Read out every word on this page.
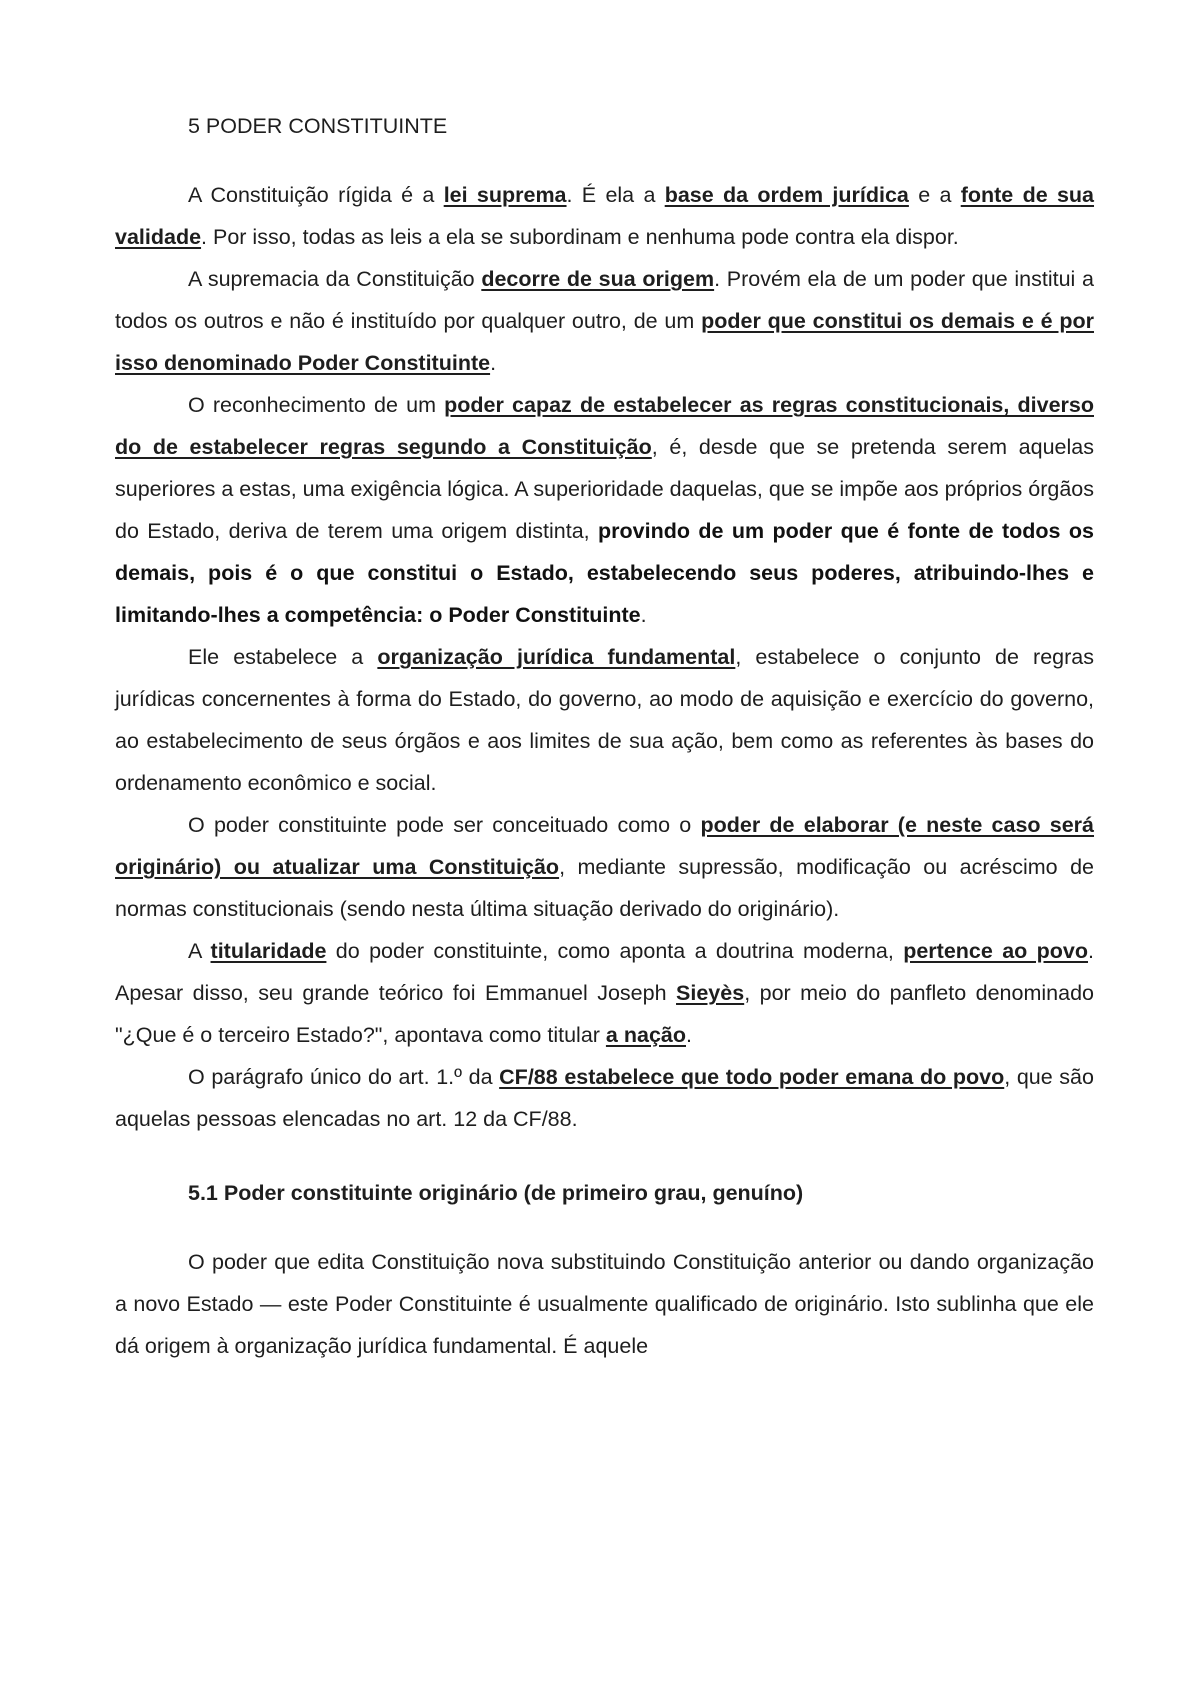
5 PODER CONSTITUINTE

A Constituição rígida é a lei suprema. É ela a base da ordem jurídica e a fonte de sua validade. Por isso, todas as leis a ela se subordinam e nenhuma pode contra ela dispor.

A supremacia da Constituição decorre de sua origem. Provém ela de um poder que institui a todos os outros e não é instituído por qualquer outro, de um poder que constitui os demais e é por isso denominado Poder Constituinte.

O reconhecimento de um poder capaz de estabelecer as regras constitucionais, diverso do de estabelecer regras segundo a Constituição, é, desde que se pretenda serem aquelas superiores a estas, uma exigência lógica. A superioridade daquelas, que se impõe aos próprios órgãos do Estado, deriva de terem uma origem distinta, provindo de um poder que é fonte de todos os demais, pois é o que constitui o Estado, estabelecendo seus poderes, atribuindo-lhes e limitando-lhes a competência: o Poder Constituinte.

Ele estabelece a organização jurídica fundamental, estabelece o conjunto de regras jurídicas concernentes à forma do Estado, do governo, ao modo de aquisição e exercício do governo, ao estabelecimento de seus órgãos e aos limites de sua ação, bem como as referentes às bases do ordenamento econômico e social.

O poder constituinte pode ser conceituado como o poder de elaborar (e neste caso será originário) ou atualizar uma Constituição, mediante supressão, modificação ou acréscimo de normas constitucionais (sendo nesta última situação derivado do originário).

A titularidade do poder constituinte, como aponta a doutrina moderna, pertence ao povo. Apesar disso, seu grande teórico foi Emmanuel Joseph Sieyès, por meio do panfleto denominado "¿Que é o terceiro Estado?", apontava como titular a nação.

O parágrafo único do art. 1.º da CF/88 estabelece que todo poder emana do povo, que são aquelas pessoas elencadas no art. 12 da CF/88.

5.1 Poder constituinte originário (de primeiro grau, genuíno)

O poder que edita Constituição nova substituindo Constituição anterior ou dando organização a novo Estado — este Poder Constituinte é usualmente qualificado de originário. Isto sublinha que ele dá origem à organização jurídica fundamental. É aquele
